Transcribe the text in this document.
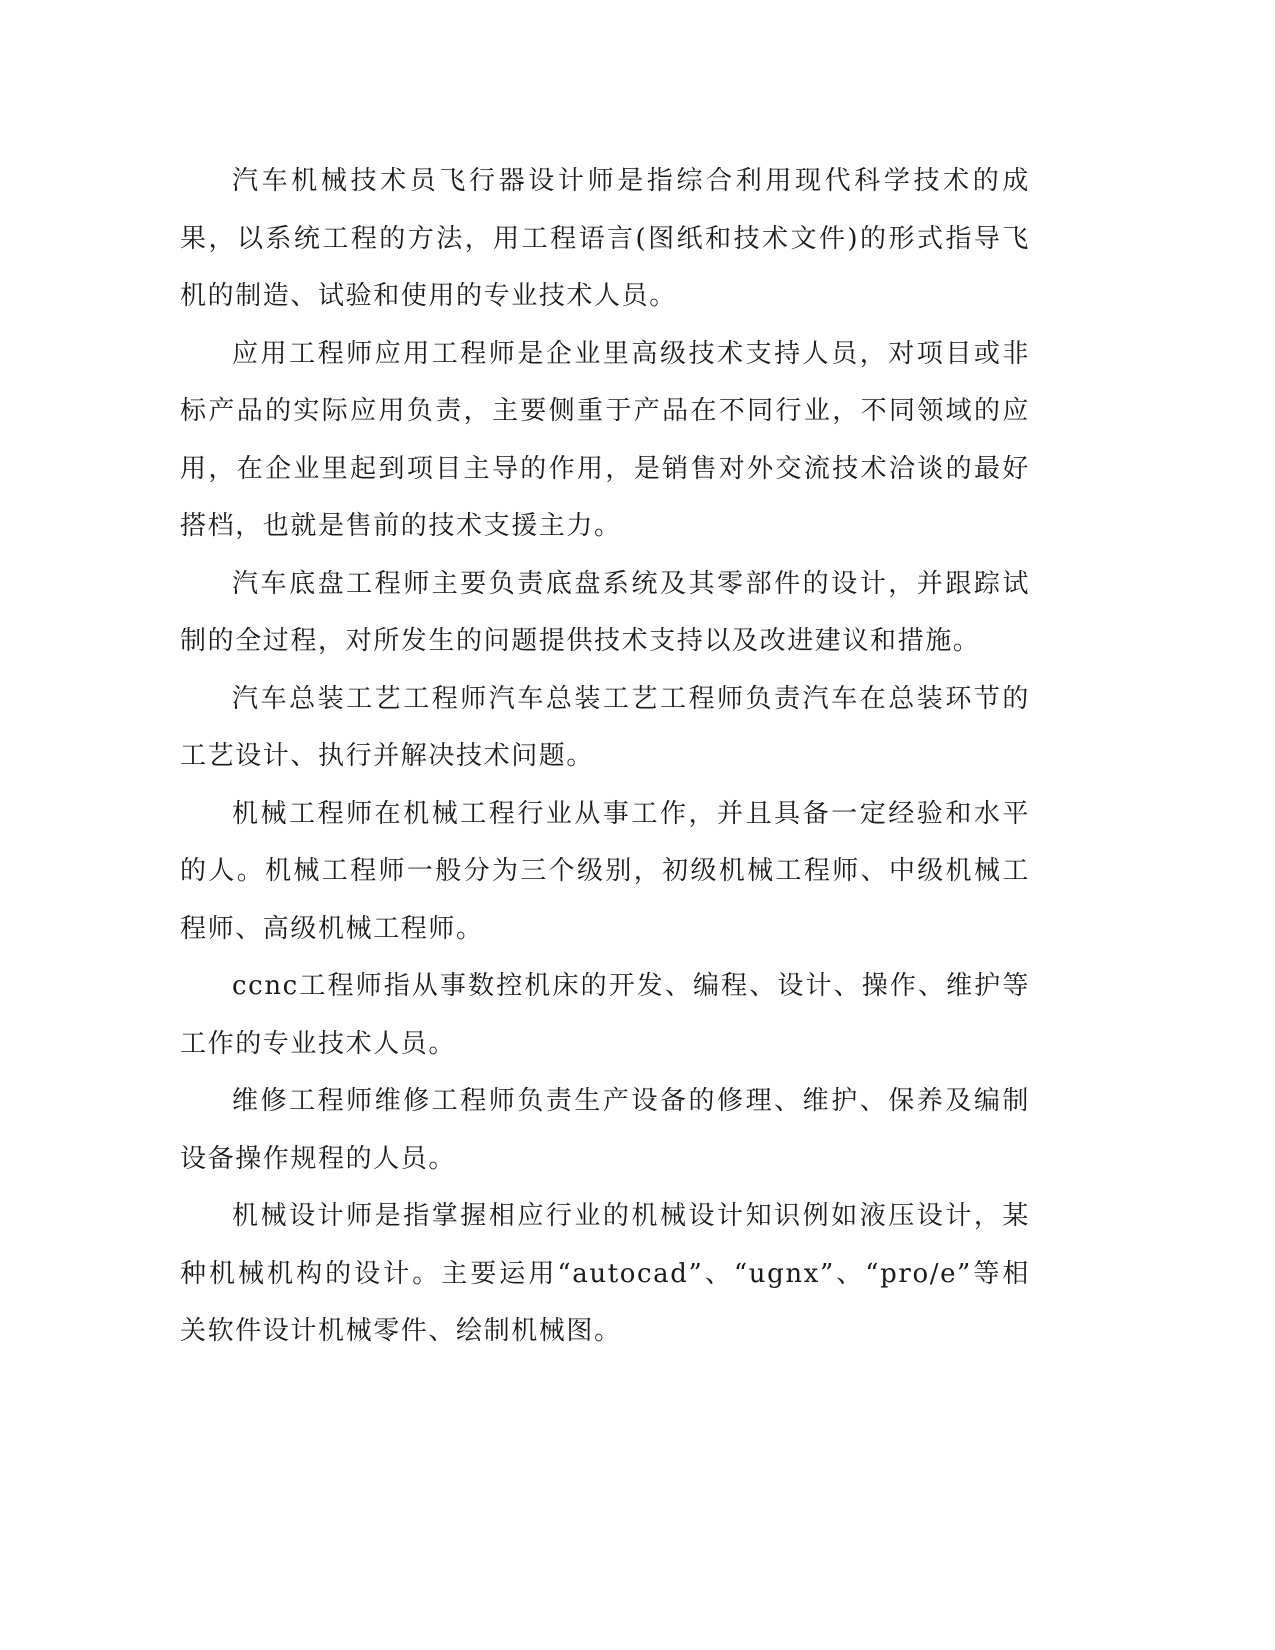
汽车机械技术员飞行器设计师是指综合利用现代科学技术的成果，以系统工程的方法，用工程语言(图纸和技术文件)的形式指导飞机的制造、试验和使用的专业技术人员。

应用工程师应用工程师是企业里高级技术支持人员，对项目或非标产品的实际应用负责，主要侧重于产品在不同行业，不同领域的应用，在企业里起到项目主导的作用，是销售对外交流技术洽谈的最好搭档，也就是售前的技术支援主力。

汽车底盘工程师主要负责底盘系统及其零部件的设计，并跟踪试制的全过程，对所发生的问题提供技术支持以及改进建议和措施。

汽车总装工艺工程师汽车总装工艺工程师负责汽车在总装环节的工艺设计、执行并解决技术问题。

机械工程师在机械工程行业从事工作，并且具备一定经验和水平的人。机械工程师一般分为三个级别，初级机械工程师、中级机械工程师、高级机械工程师。

ccnc工程师指从事数控机床的开发、编程、设计、操作、维护等工作的专业技术人员。

维修工程师维修工程师负责生产设备的修理、维护、保养及编制设备操作规程的人员。

机械设计师是指掌握相应行业的机械设计知识例如液压设计，某种机械机构的设计。主要运用“autocad”、“ugnx”、“pro/e”等相关软件设计机械零件、绘制机械图。
